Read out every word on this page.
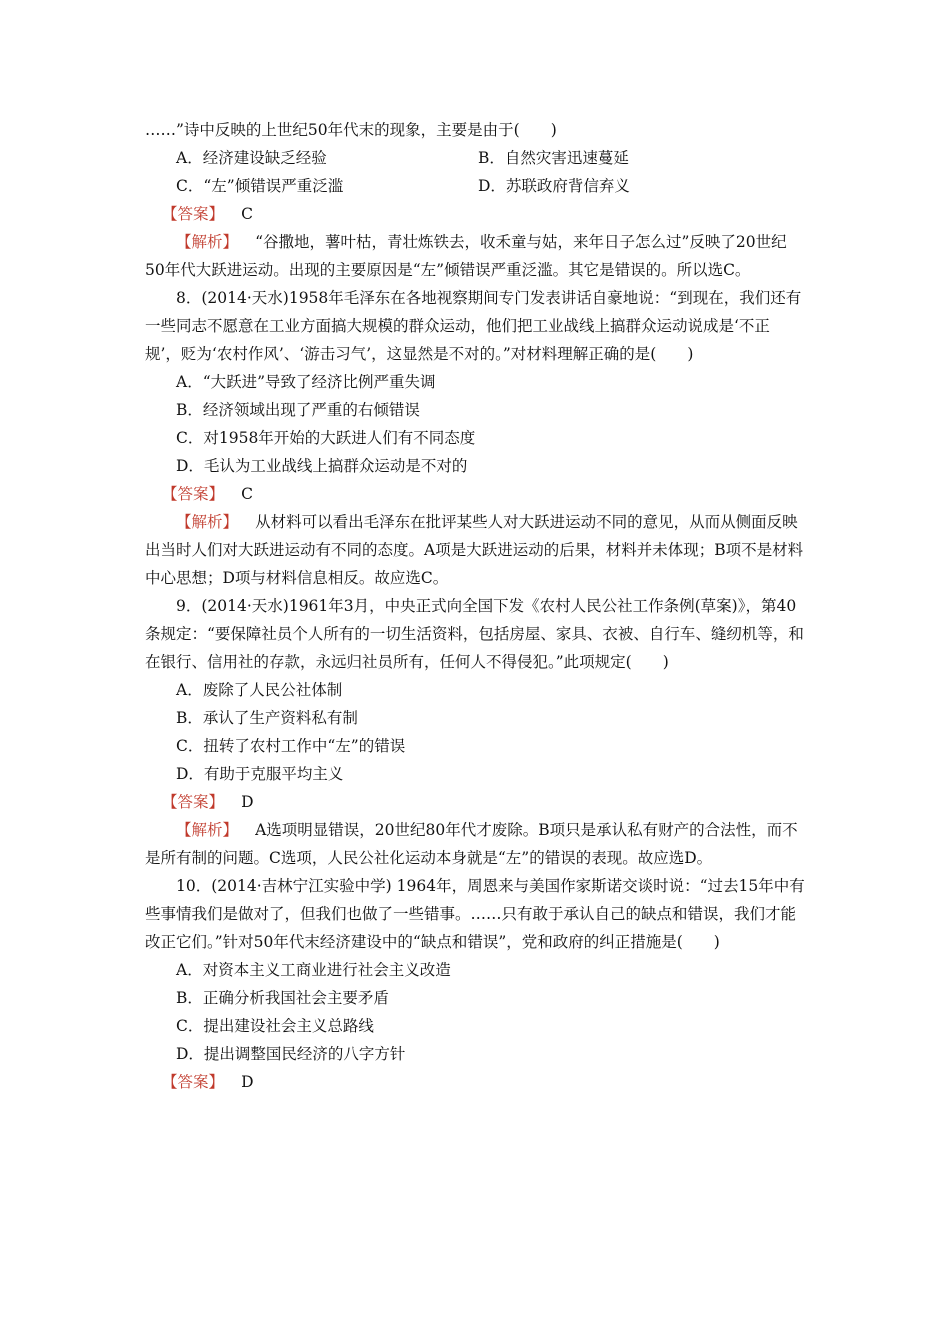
……”诗中反映的上世纪50年代末的现象，主要是由于(　　)

A．经济建设缺乏经验	B．自然灾害迅速蔓延
C．“左”倾错误严重泛滥	D．苏联政府背信弃义

【答案】 C

【解析】 “谷撒地，薯叶枯，青壮炼铁去，收禾童与姑，来年日子怎么过”反映了20世纪50年代大跃进运动。出现的主要原因是“左”倾错误严重泛滥。其它是错误的。所以选C。

8．(2014·天水)1958年毛泽东在各地视察期间专门发表讲话自豪地说：“到现在，我们还有一些同志不愿意在工业方面搞大规模的群众运动，他们把工业战线上搞群众运动说成是‘不正规’，贬为‘农村作风’、‘游击习气’，这显然是不对的。”对材料理解正确的是(　　)

A．“大跃进”导致了经济比例严重失调

B．经济领域出现了严重的右倾错误

C．对1958年开始的大跃进人们有不同态度

D．毛认为工业战线上搞群众运动是不对的

【答案】 C

【解析】 从材料可以看出毛泽东在批评某些人对大跃进运动不同的意见，从而从侧面反映出当时人们对大跃进运动有不同的态度。A项是大跃进运动的后果，材料并未体现；B项不是材料中心思想；D项与材料信息相反。故应选C。

9．(2014·天水)1961年3月，中央正式向全国下发《农村人民公社工作条例(草案)》，第40条规定：“要保障社员个人所有的一切生活资料，包括房屋、家具、衣被、自行车、缝纫机等，和在银行、信用社的存款，永远归社员所有，任何人不得侵犯。”此项规定(　　)

A．废除了人民公社体制

B．承认了生产资料私有制

C．扭转了农村工作中“左”的错误

D．有助于克服平均主义

【答案】 D

【解析】 A选项明显错误，20世纪80年代才废除。B项只是承认私有财产的合法性，而不是所有制的问题。C选项，人民公社化运动本身就是“左”的错误的表现。故应选D。

10．(2014·吉林宁江实验中学) 1964年，周恩来与美国作家斯诺交谈时说：“过去15年中有些事情我们是做对了，但我们也做了一些错事。……只有敢于承认自己的缺点和错误，我们才能改正它们。”针对50年代末经济建设中的“缺点和错误”，党和政府的纠正措施是(　　)

A．对资本主义工商业进行社会主义改造

B．正确分析我国社会主要矛盾

C．提出建设社会主义总路线

D．提出调整国民经济的八字方针

【答案】 D
